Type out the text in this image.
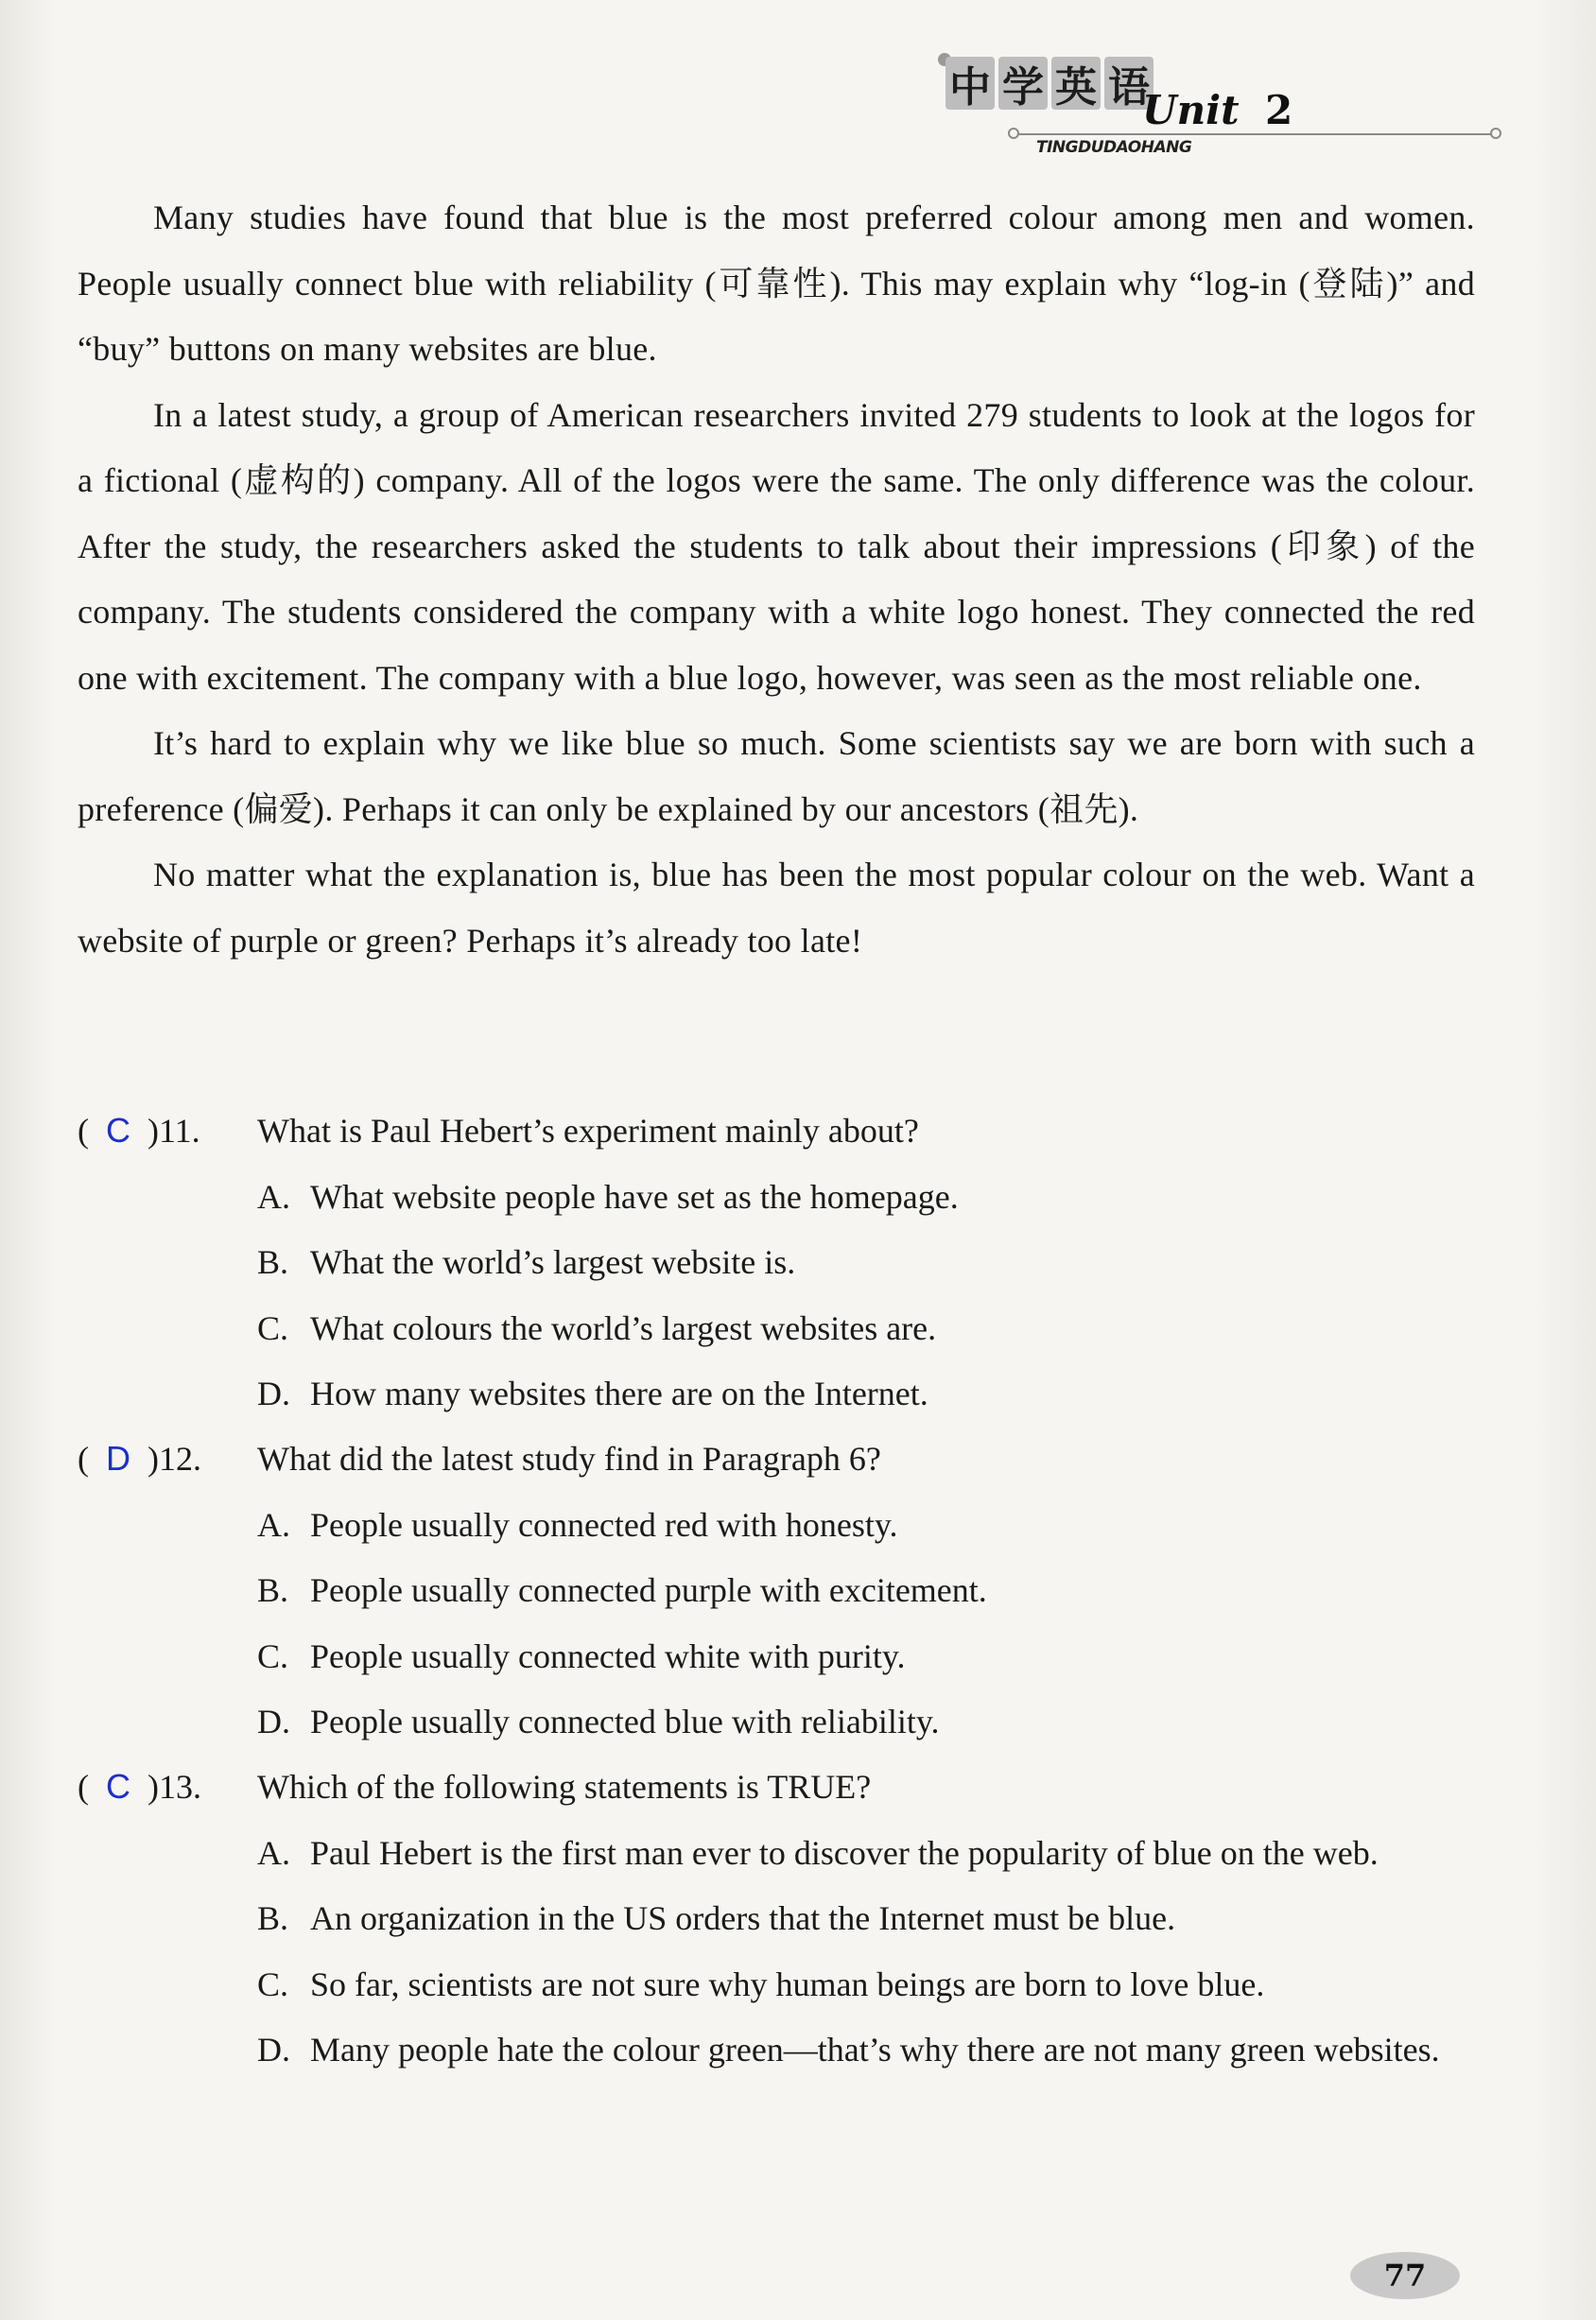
中 学 英 语
Unit 2
TINGDUDAOHANG

Many studies have found that blue is the most preferred colour among men and women. People usually connect blue with reliability (可靠性). This may explain why “log-in (登陆)” and “buy” buttons on many websites are blue.

In a latest study, a group of American researchers invited 279 students to look at the logos for a fictional (虚构的) company. All of the logos were the same. The only difference was the colour. After the study, the researchers asked the students to talk about their impressions (印象) of the company. The students considered the company with a white logo honest. They connected the red one with excitement. The company with a blue logo, however, was seen as the most reliable one.

It’s hard to explain why we like blue so much. Some scientists say we are born with such a preference (偏爱). Perhaps it can only be explained by our ancestors (祖先).

No matter what the explanation is, blue has been the most popular colour on the web. Want a website of purple or green? Perhaps it’s already too late!

(  C  )11.	What is Paul Hebert’s experiment mainly about?
A. What website people have set as the homepage.
B. What the world’s largest website is.
C. What colours the world’s largest websites are.
D. How many websites there are on the Internet.
(  D  )12.	What did the latest study find in Paragraph 6?
A. People usually connected red with honesty.
B. People usually connected purple with excitement.
C. People usually connected white with purity.
D. People usually connected blue with reliability.
(  C  )13.	Which of the following statements is TRUE?
A. Paul Hebert is the first man ever to discover the popularity of blue on the web.
B. An organization in the US orders that the Internet must be blue.
C. So far, scientists are not sure why human beings are born to love blue.
D. Many people hate the colour green—that’s why there are not many green websites.
77
